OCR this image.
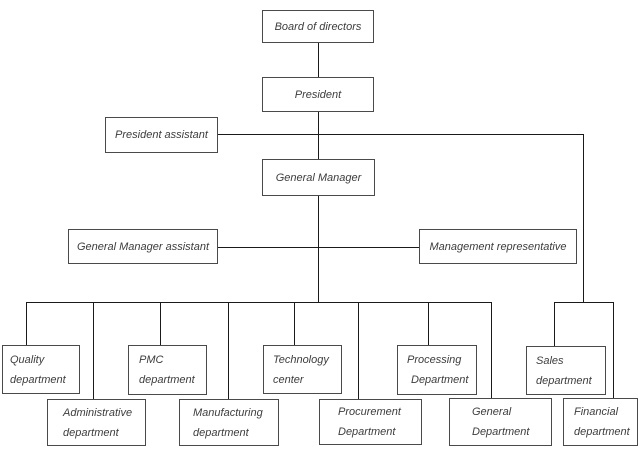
Board of directors
President
President assistant
General Manager
General Manager assistant	Management representative
Quality
department
PMC
department
Technology
center
Processing
Department
Sales
department
Administrative
department
Manufacturing
department
Procurement
Department
General
Department
Financial
department
